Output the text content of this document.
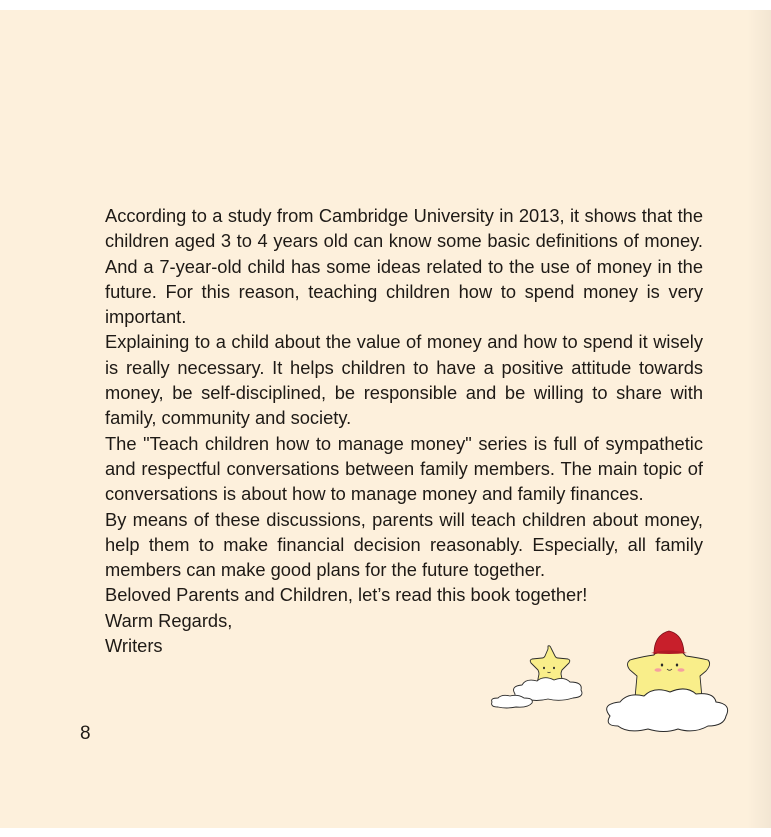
According to a study from Cambridge University in 2013, it shows that the children aged 3 to 4 years old can know some basic definitions of money. And a 7-year-old child has some ideas related to the use of money in the future. For this reason, teaching children how to spend money is very important.

Explaining to a child about the value of money and how to spend it wisely is really necessary. It helps children to have a positive attitude towards money, be self-disciplined, be responsible and be willing to share with family, community and society.

The "Teach children how to manage money" series is full of sympathetic and respectful conversations between family members. The main topic of conversations is about how to manage money and family finances.

By means of these discussions, parents will teach children about money, help them to make financial decision reasonably. Especially, all family members can make good plans for the future together.

Beloved Parents and Children, let’s read this book together!

Warm Regards,

Writers

8
